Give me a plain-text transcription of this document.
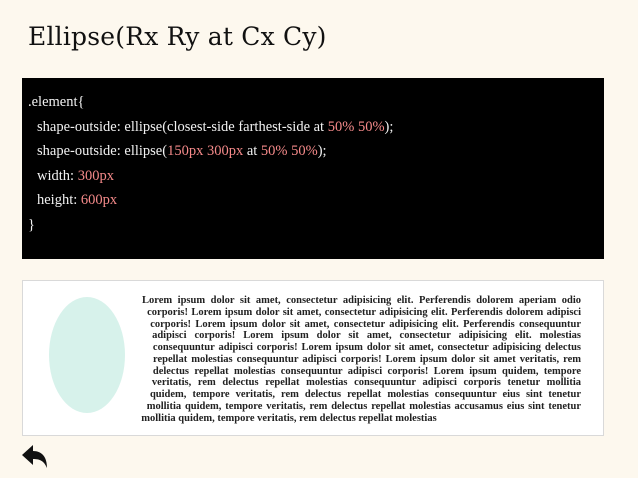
Ellipse(Rx Ry at Cx Cy)
.element{
shape-outside: ellipse(closest-side farthest-side at 50% 50%);
shape-outside: ellipse(150px 300px at 50% 50%);
width: 300px
height: 600px
}
Lorem ipsum dolor sit amet, consectetur adipisicing elit. Perferendis dolorem aperiam odio corporis! Lorem ipsum dolor sit amet, consectetur adipisicing elit. Perferendis dolorem adipisci corporis! Lorem ipsum dolor sit amet, consectetur adipisicing elit. Perferendis consequuntur adipisci corporis! Lorem ipsum dolor sit amet, consectetur adipisicing elit. molestias consequuntur adipisci corporis! Lorem ipsum dolor sit amet, consectetur adipisicing delectus repellat molestias consequuntur adipisci corporis! Lorem ipsum dolor sit amet veritatis, rem delectus repellat molestias consequuntur adipisci corporis! Lorem ipsum quidem, tempore veritatis, rem delectus repellat molestias consequuntur adipisci corporis tenetur mollitia quidem, tempore veritatis, rem delectus repellat molestias consequuntur eius sint tenetur mollitia quidem, tempore veritatis, rem delectus repellat molestias accusamus eius sint tenetur mollitia quidem, tempore veritatis, rem delectus repellat molestias
